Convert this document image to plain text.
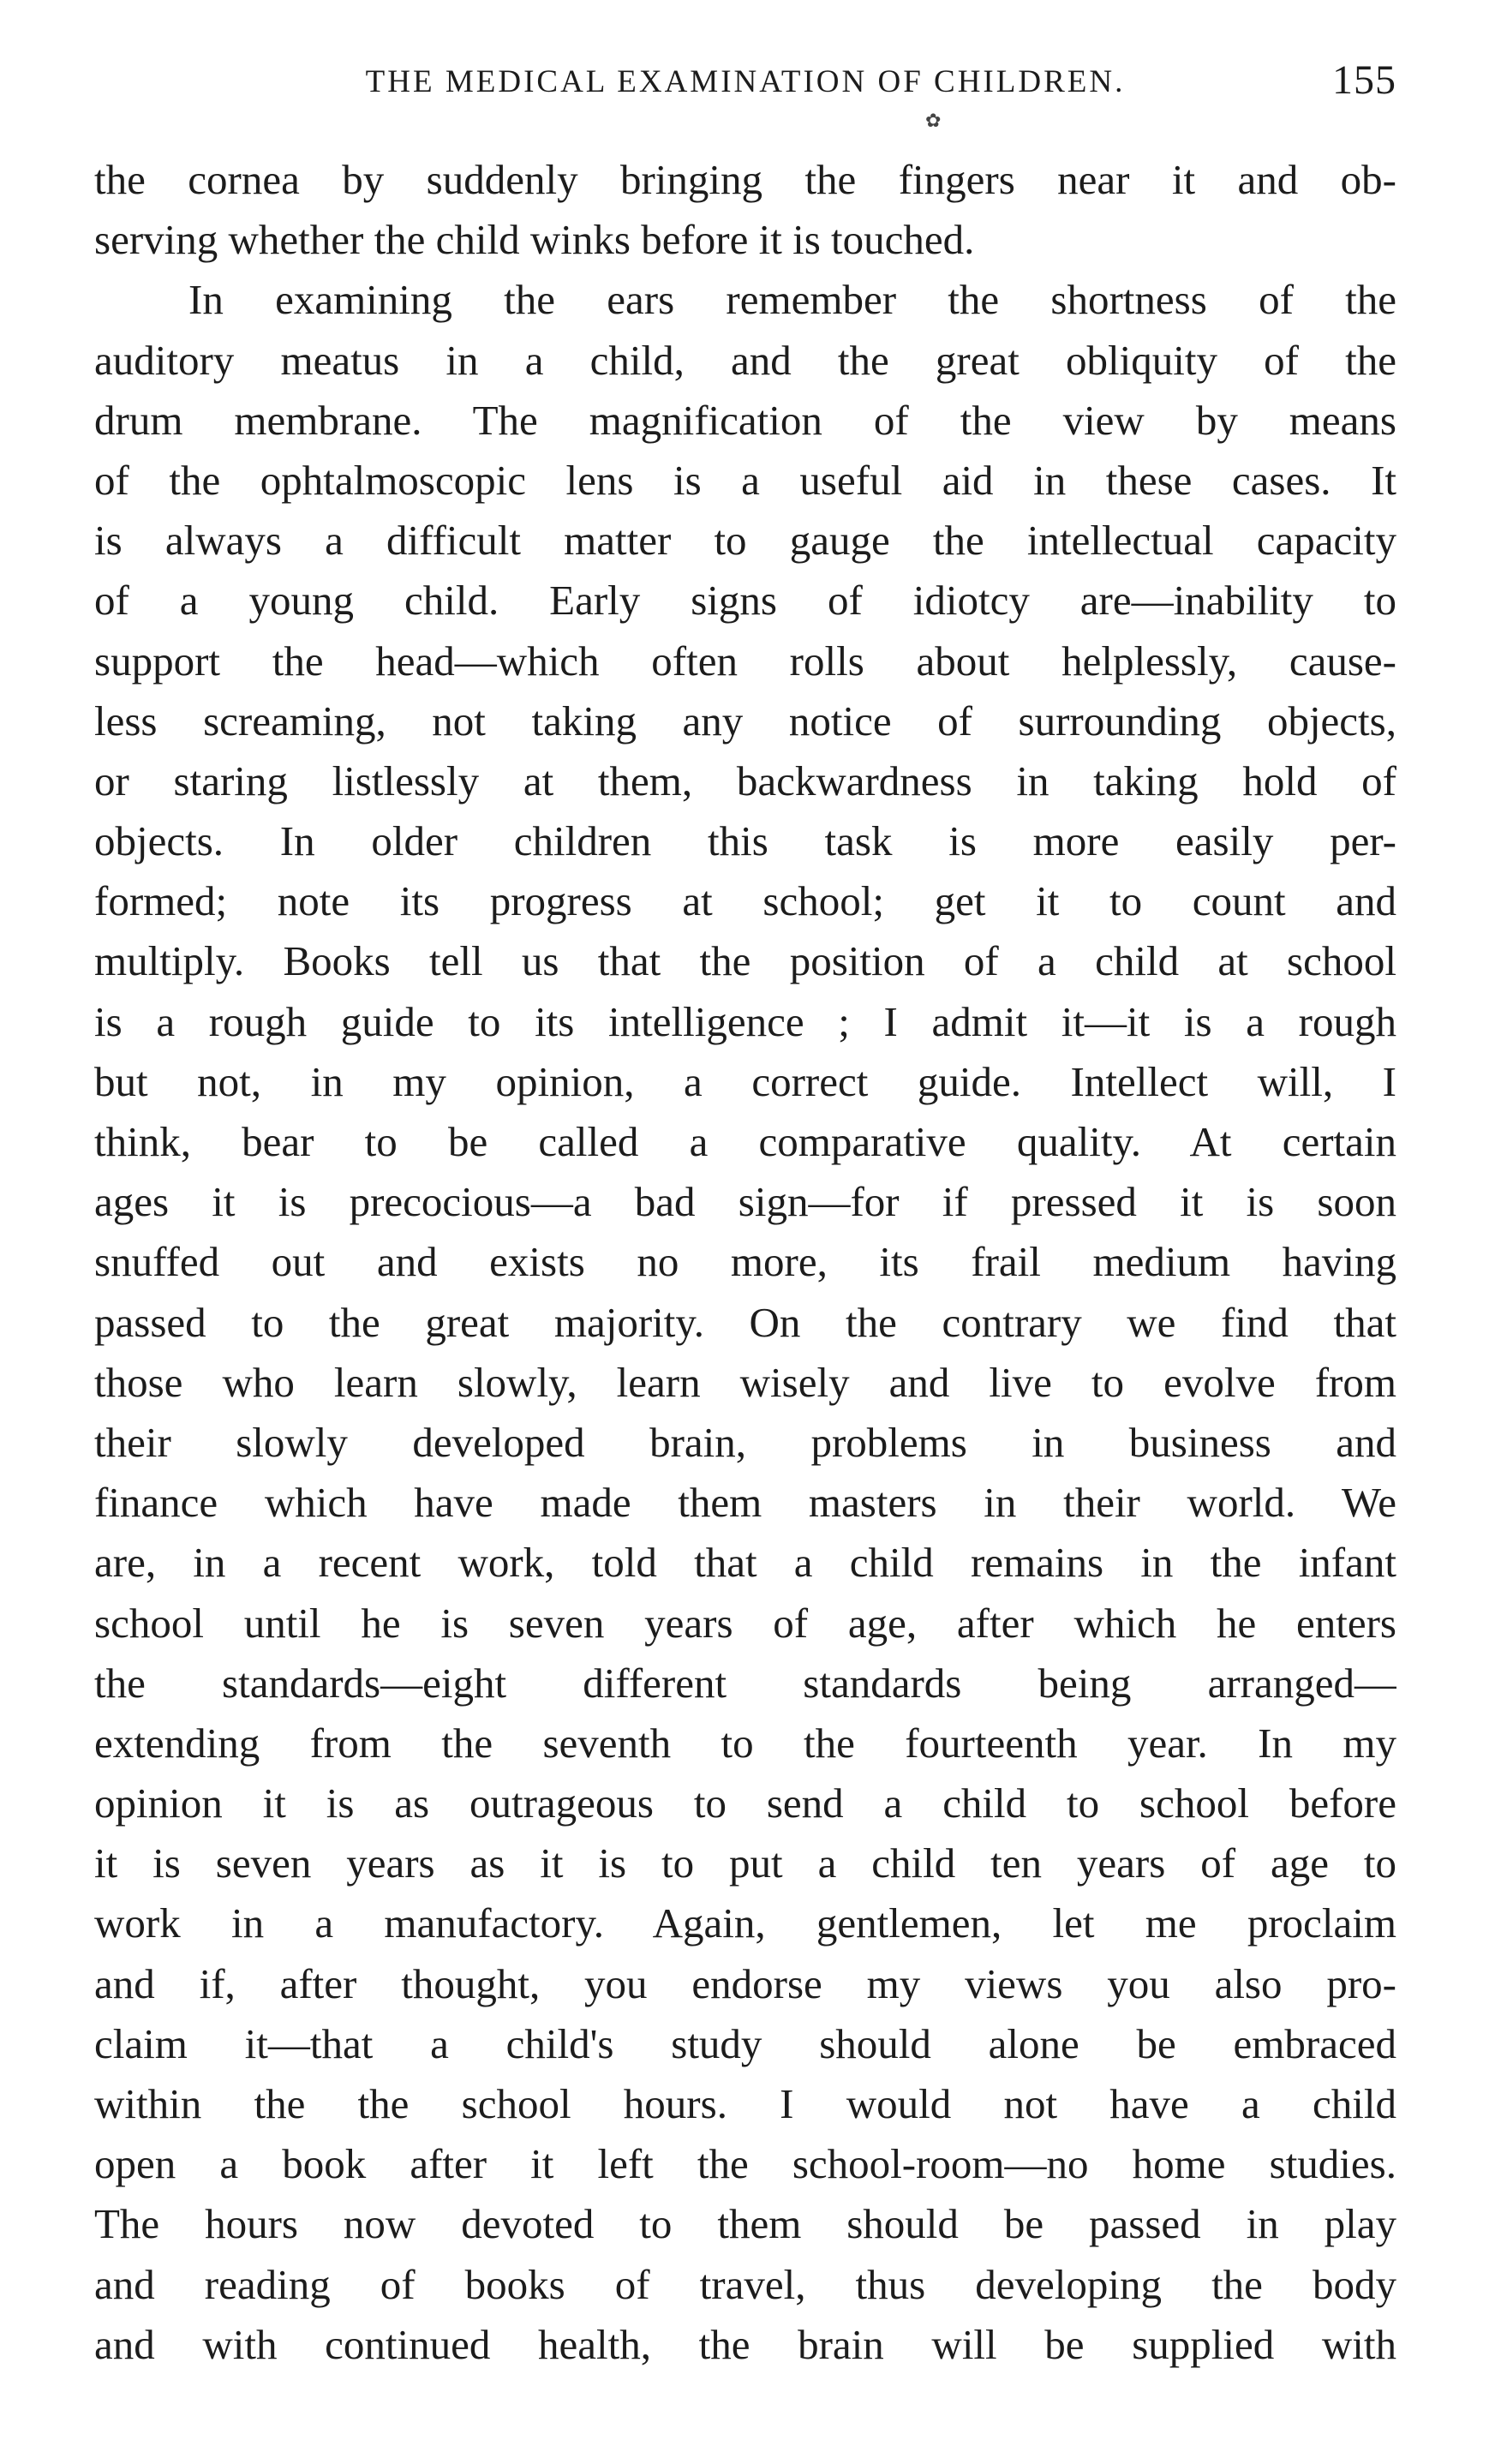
THE MEDICAL EXAMINATION OF CHILDREN.	155
✿
the cornea by suddenly bringing the fingers near it and ob-
serving whether the child winks before it is touched.
In examining the ears remember the shortness of the
auditory meatus in a child, and the great obliquity of the
drum membrane. The magnification of the view by means
of the ophtalmoscopic lens is a useful aid in these cases. It
is always a difficult matter to gauge the intellectual capacity
of a young child. Early signs of idiotcy are—inability to
support the head—which often rolls about helplessly, cause-
less screaming, not taking any notice of surrounding objects,
or staring listlessly at them, backwardness in taking hold of
objects. In older children this task is more easily per-
formed; note its progress at school; get it to count and
multiply. Books tell us that the position of a child at school
is a rough guide to its intelligence ; I admit it—it is a rough
but not, in my opinion, a correct guide. Intellect will, I
think, bear to be called a comparative quality. At certain
ages it is precocious—a bad sign—for if pressed it is soon
snuffed out and exists no more, its frail medium having
passed to the great majority. On the contrary we find that
those who learn slowly, learn wisely and live to evolve from
their slowly developed brain, problems in business and
finance which have made them masters in their world. We
are, in a recent work, told that a child remains in the infant
school until he is seven years of age, after which he enters
the standards—eight different standards being arranged—
extending from the seventh to the fourteenth year. In my
opinion it is as outrageous to send a child to school before
it is seven years as it is to put a child ten years of age to
work in a manufactory. Again, gentlemen, let me proclaim
and if, after thought, you endorse my views you also pro-
claim it—that a child's study should alone be embraced
within the the school hours. I would not have a child
open a book after it left the school-room—no home studies.
The hours now devoted to them should be passed in play
and reading of books of travel, thus developing the body
and with continued health, the brain will be supplied with
